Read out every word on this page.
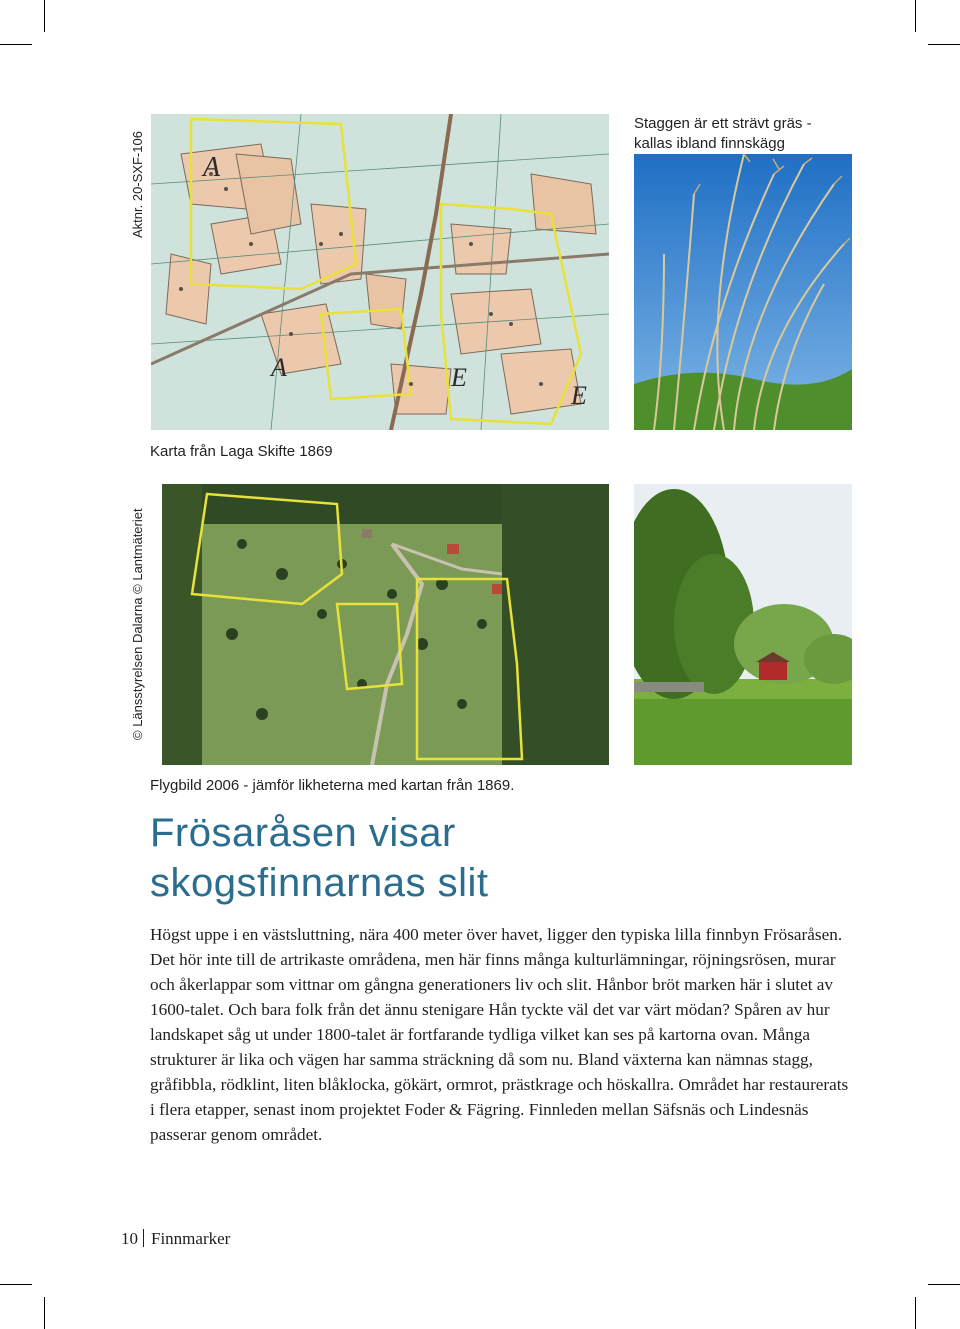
Aktnr. 20-SXF-106
© Länsstyrelsen Dalarna © Lantmäteriet
A
A	E
E
Staggen är ett strävt gräs - kallas ibland finnskägg
Karta från Laga Skifte 1869
Flygbild 2006 - jämför likheterna med kartan från 1869.
Frösaråsen visar
skogsfinnarnas slit

Högst uppe i en västsluttning, nära 400 meter över havet, ligger den typiska lilla finnbyn Frösaråsen. Det hör inte till de artrikaste områdena, men här finns många kulturlämningar, röjningsrösen, murar och åkerlappar som vittnar om gångna generationers liv och slit. Hånbor bröt marken här i slutet av 1600-talet. Och bara folk från det ännu stenigare Hån tyckte väl det var värt mödan? Spåren av hur landskapet såg ut under 1800-talet är fortfarande tydliga vilket kan ses på kartorna ovan. Många strukturer är lika och vägen har samma sträckning då som nu. Bland växterna kan nämnas stagg, gråfibbla, rödklint, liten blåklocka, gökärt, ormrot, prästkrage och höskallra. Området har restaurerats i flera etapper, senast inom projektet Foder & Fägring. Finnleden mellan Säfsnäs och Lindesnäs passerar genom området.

10 Finnmarker
